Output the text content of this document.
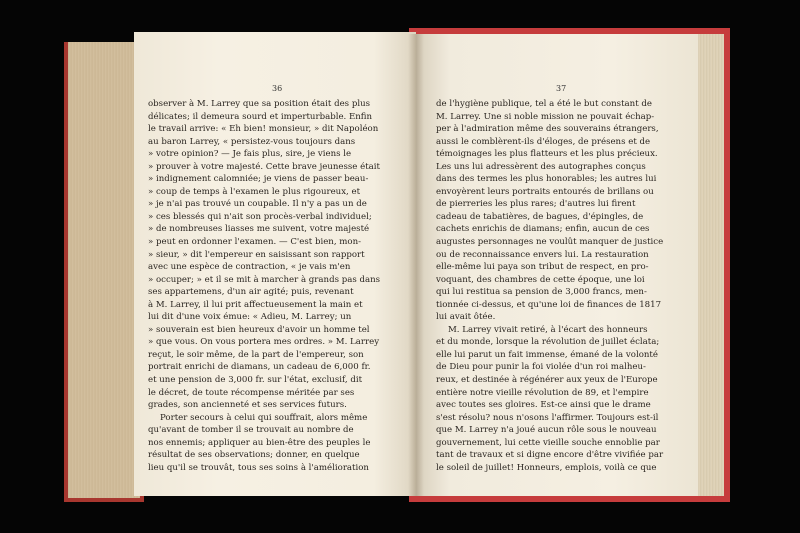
36

observer à M. Larrey que sa position était des plus

délicates; il demeura sourd et imperturbable. Enfin

le travail arrive: « Eh bien! monsieur, » dit Napoléon

au baron Larrey, « persistez-vous toujours dans

» votre opinion? — Je fais plus, sire, je viens le

» prouver à votre majesté. Cette brave jeunesse était

» indignement calomniée; je viens de passer beau-

» coup de temps à l'examen le plus rigoureux, et

» je n'ai pas trouvé un coupable. Il n'y a pas un de

» ces blessés qui n'ait son procès-verbal individuel;

» de nombreuses liasses me suivent, votre majesté

» peut en ordonner l'examen. — C'est bien, mon-

» sieur, » dit l'empereur en saisissant son rapport

avec une espèce de contraction, « je vais m'en

» occuper; » et il se mit à marcher à grands pas dans

ses appartemens, d'un air agité; puis, revenant

à M. Larrey, il lui prit affectueusement la main et

lui dit d'une voix émue: « Adieu, M. Larrey; un

» souverain est bien heureux d'avoir un homme tel

» que vous. On vous portera mes ordres. » M. Larrey

reçut, le soir même, de la part de l'empereur, son

portrait enrichi de diamans, un cadeau de 6,000 fr.

et une pension de 3,000 fr. sur l'état, exclusif, dit

le décret, de toute récompense méritée par ses

grades, son ancienneté et ses services futurs.

Porter secours à celui qui souffrait, alors même

qu'avant de tomber il se trouvait au nombre de

nos ennemis; appliquer au bien-être des peuples le

résultat de ses observations; donner, en quelque

lieu qu'il se trouvât, tous ses soins à l'amélioration

37

de l'hygiène publique, tel a été le but constant de

M. Larrey. Une si noble mission ne pouvait échap-

per à l'admiration même des souverains étrangers,

aussi le comblèrent-ils d'éloges, de présens et de

témoignages les plus flatteurs et les plus précieux.

Les uns lui adressèrent des autographes conçus

dans des termes les plus honorables; les autres lui

envoyèrent leurs portraits entourés de brillans ou

de pierreries les plus rares; d'autres lui firent

cadeau de tabatières, de bagues, d'épingles, de

cachets enrichis de diamans; enfin, aucun de ces

augustes personnages ne voulût manquer de justice

ou de reconnaissance envers lui. La restauration

elle-même lui paya son tribut de respect, en pro-

voquant, des chambres de cette époque, une loi

qui lui restitua sa pension de 3,000 francs, men-

tionnée ci-dessus, et qu'une loi de finances de 1817

lui avait ôtée.

M. Larrey vivait retiré, à l'écart des honneurs

et du monde, lorsque la révolution de juillet éclata;

elle lui parut un fait immense, émané de la volonté

de Dieu pour punir la foi violée d'un roi malheu-

reux, et destinée à régénérer aux yeux de l'Europe

entière notre vieille révolution de 89, et l'empire

avec toutes ses gloires. Est-ce ainsi que le drame

s'est résolu? nous n'osons l'affirmer. Toujours est-il

que M. Larrey n'a joué aucun rôle sous le nouveau

gouvernement, lui cette vieille souche ennoblie par

tant de travaux et si digne encore d'être vivifiée par

le soleil de juillet! Honneurs, emplois, voilà ce que
